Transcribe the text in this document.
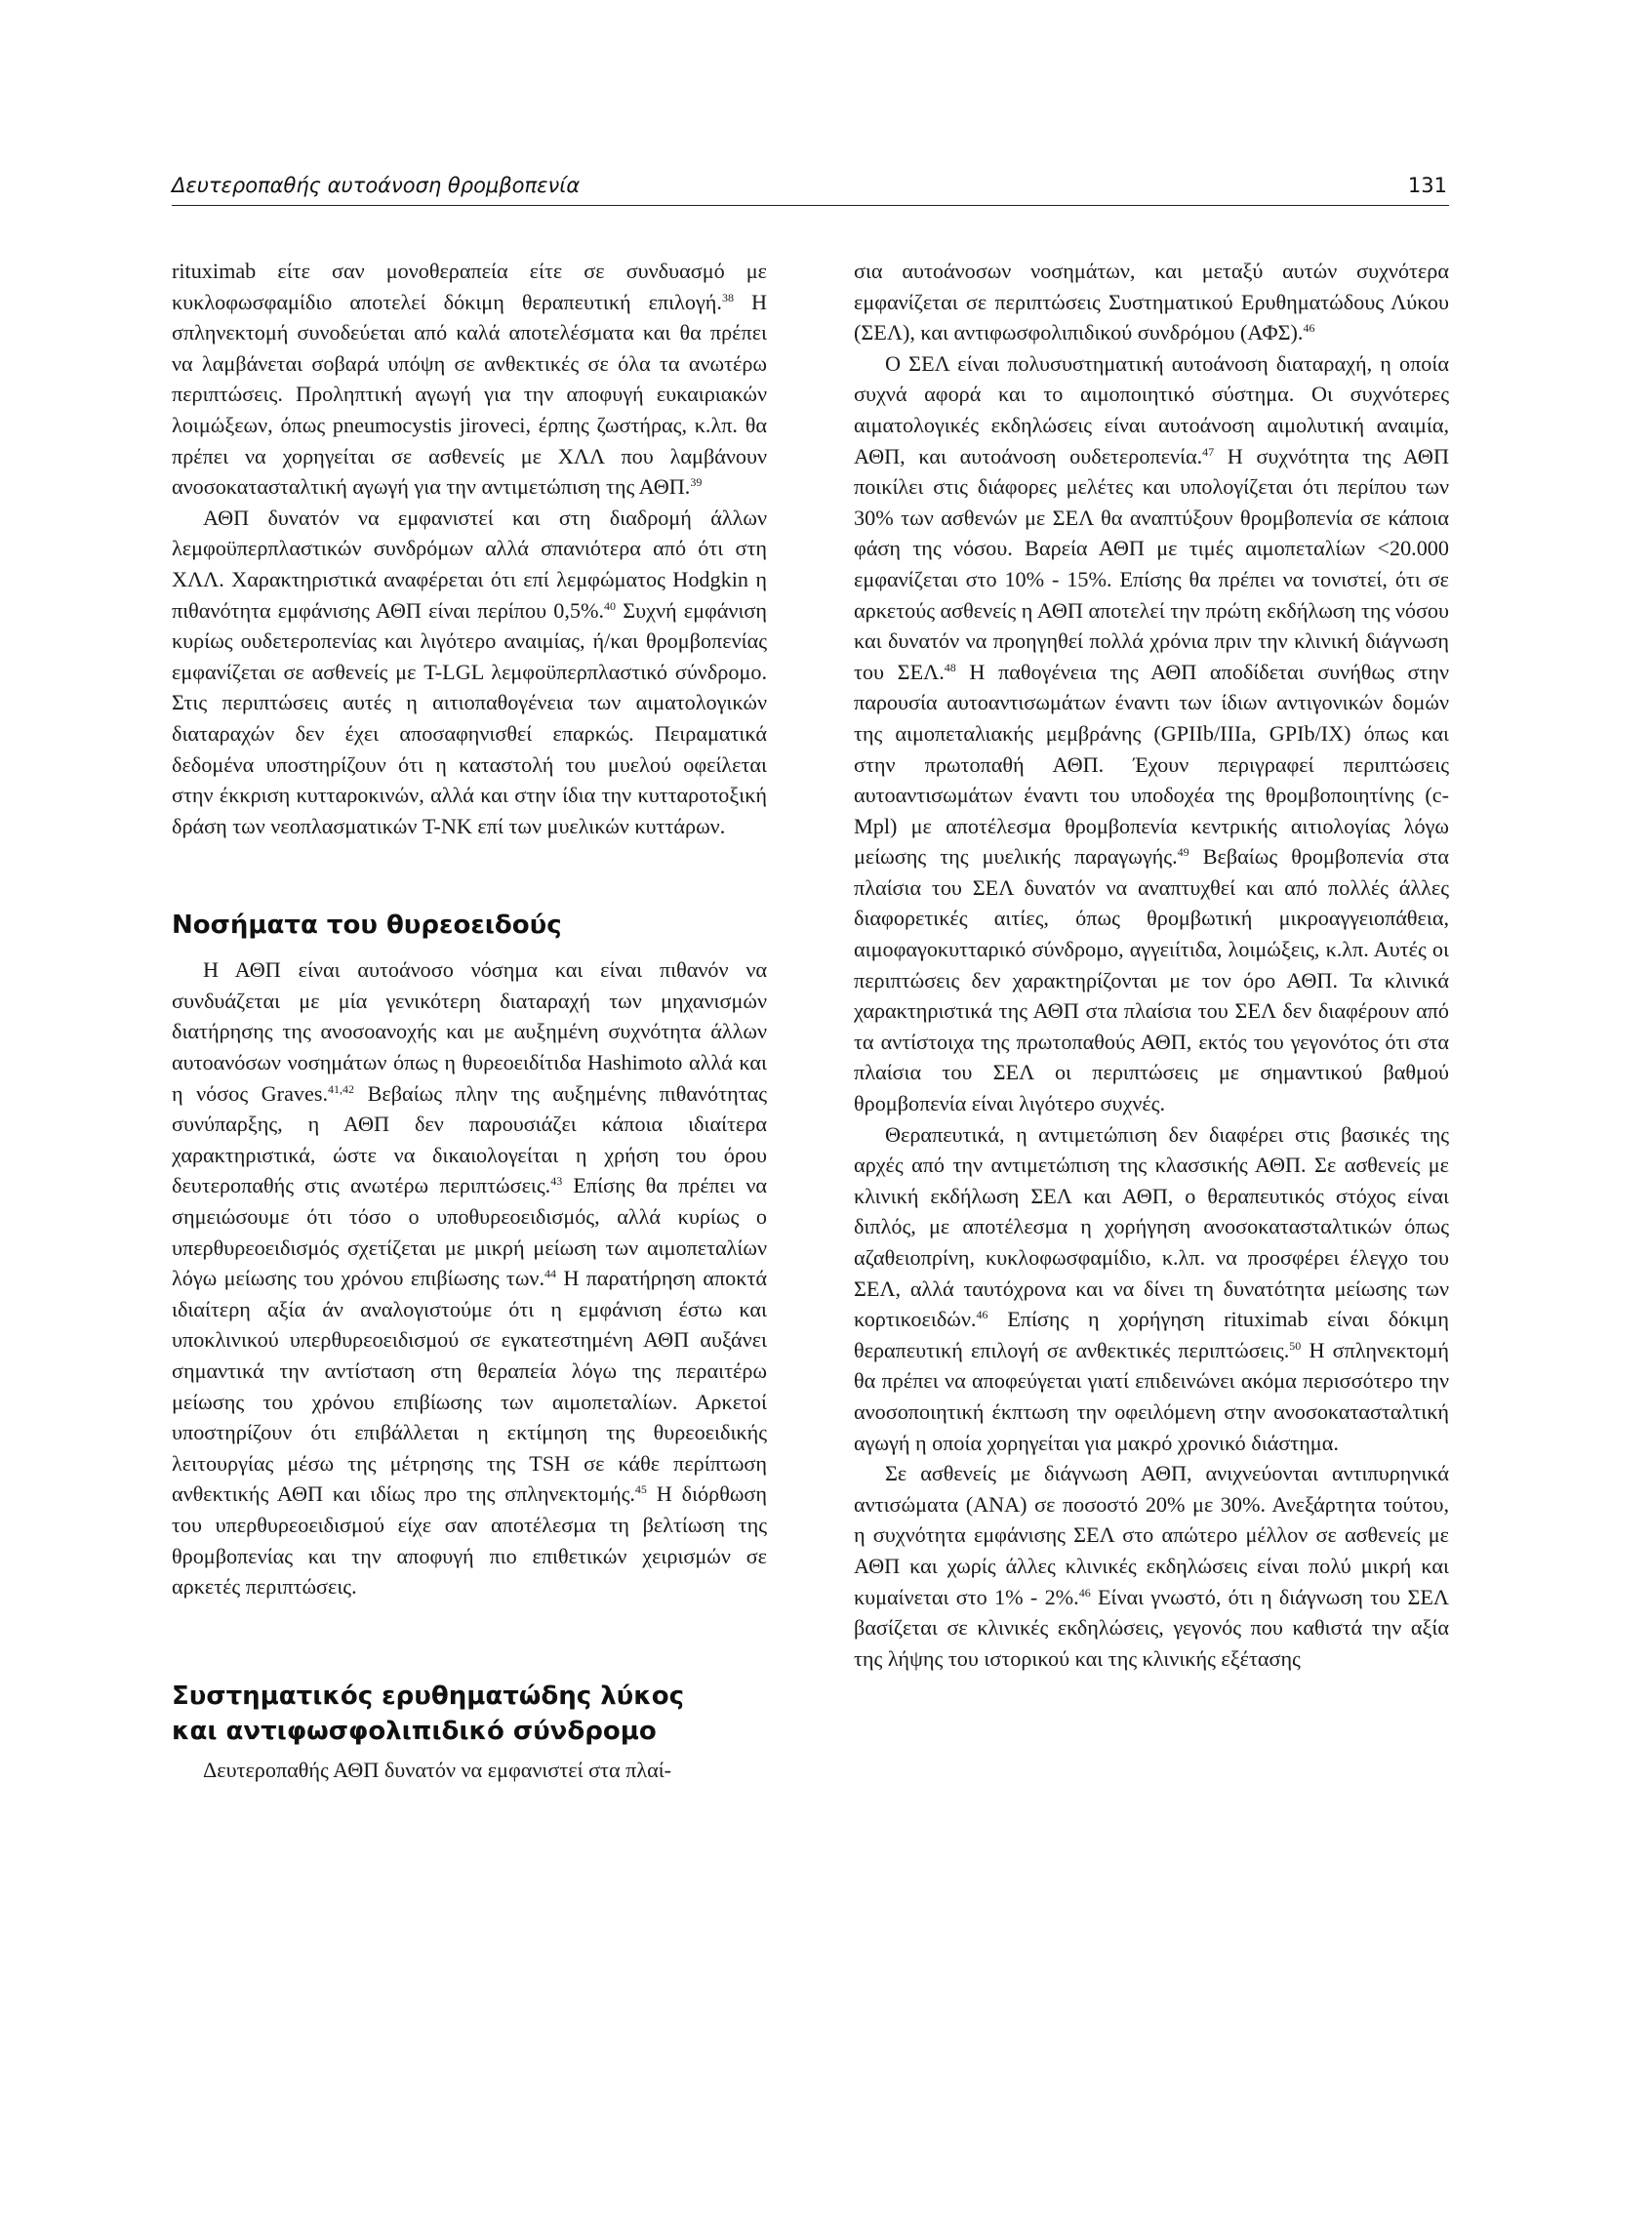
Δευτεροπαθής αυτοάνοση θρομβοπενία	131

rituximab είτε σαν μονοθεραπεία είτε σε συνδυασμό με κυκλοφωσφαμίδιο αποτελεί δόκιμη θεραπευτική επιλογή.$^{38}$ Η σπληνεκτομή συνοδεύεται από καλά αποτελέσματα και θα πρέπει να λαμβάνεται σοβαρά υπόψη σε ανθεκτικές σε όλα τα ανωτέρω περιπτώσεις. Προληπτική αγωγή για την αποφυγή ευκαιριακών λοιμώξεων, όπως pneumocystis jiroveci, έρπης ζωστήρας, κ.λπ. θα πρέπει να χορηγείται σε ασθενείς με ΧΛΛ που λαμβάνουν ανοσοκατασταλτική αγωγή για την αντιμετώπιση της ΑΘΠ.$^{39}$

ΑΘΠ δυνατόν να εμφανιστεί και στη διαδρομή άλλων λεμφοϋπερπλαστικών συνδρόμων αλλά σπανιότερα από ότι στη ΧΛΛ. Χαρακτηριστικά αναφέρεται ότι επί λεμφώματος Hodgkin η πιθανότητα εμφάνισης ΑΘΠ είναι περίπου 0,5%.$^{40}$ Συχνή εμφάνιση κυρίως ουδετεροπενίας και λιγότερο αναιμίας, ή/και θρομβοπενίας εμφανίζεται σε ασθενείς με T-LGL λεμφοϋπερπλαστικό σύνδρομο. Στις περιπτώσεις αυτές η αιτιοπαθογένεια των αιματολογικών διαταραχών δεν έχει αποσαφηνισθεί επαρκώς. Πειραματικά δεδομένα υποστηρίζουν ότι η καταστολή του μυελού οφείλεται στην έκκριση κυτταροκινών, αλλά και στην ίδια την κυτταροτοξική δράση των νεοπλασματικών T-NK επί των μυελικών κυττάρων.

Νοσήματα του θυρεοειδούς

Η ΑΘΠ είναι αυτοάνοσο νόσημα και είναι πιθανόν να συνδυάζεται με μία γενικότερη διαταραχή των μηχανισμών διατήρησης της ανοσοανοχής και με αυξημένη συχνότητα άλλων αυτοανόσων νοσημάτων όπως η θυρεοειδίτιδα Hashimoto αλλά και η νόσος Graves.$^{41,42}$ Βεβαίως πλην της αυξημένης πιθανότητας συνύπαρξης, η ΑΘΠ δεν παρουσιάζει κάποια ιδιαίτερα χαρακτηριστικά, ώστε να δικαιολογείται η χρήση του όρου δευτεροπαθής στις ανωτέρω περιπτώσεις.$^{43}$ Επίσης θα πρέπει να σημειώσουμε ότι τόσο ο υποθυρεοειδισμός, αλλά κυρίως ο υπερθυρεοειδισμός σχετίζεται με μικρή μείωση των αιμοπεταλίων λόγω μείωσης του χρόνου επιβίωσης των.$^{44}$ Η παρατήρηση αποκτά ιδιαίτερη αξία άν αναλογιστούμε ότι η εμφάνιση έστω και υποκλινικού υπερθυρεοειδισμού σε εγκατεστημένη ΑΘΠ αυξάνει σημαντικά την αντίσταση στη θεραπεία λόγω της περαιτέρω μείωσης του χρόνου επιβίωσης των αιμοπεταλίων. Αρκετοί υποστηρίζουν ότι επιβάλλεται η εκτίμηση της θυρεοειδικής λειτουργίας μέσω της μέτρησης της TSH σε κάθε περίπτωση ανθεκτικής ΑΘΠ και ιδίως προ της σπληνεκτομής.$^{45}$ Η διόρθωση του υπερθυρεοειδισμού είχε σαν αποτέλεσμα τη βελτίωση της θρομβοπενίας και την αποφυγή πιο επιθετικών χειρισμών σε αρκετές περιπτώσεις.

Συστηματικός ερυθηματώδης λύκος
και αντιφωσφολιπιδικό σύνδρομο

Δευτεροπαθής ΑΘΠ δυνατόν να εμφανιστεί στα πλαί-

σια αυτοάνοσων νοσημάτων, και μεταξύ αυτών συχνότερα εμφανίζεται σε περιπτώσεις Συστηματικού Ερυθηματώδους Λύκου (ΣΕΛ), και αντιφωσφολιπιδικού συνδρόμου (ΑΦΣ).$^{46}$

Ο ΣΕΛ είναι πολυσυστηματική αυτοάνοση διαταραχή, η οποία συχνά αφορά και το αιμοποιητικό σύστημα. Οι συχνότερες αιματολογικές εκδηλώσεις είναι αυτοάνοση αιμολυτική αναιμία, ΑΘΠ, και αυτοάνοση ουδετεροπενία.$^{47}$ Η συχνότητα της ΑΘΠ ποικίλει στις διάφορες μελέτες και υπολογίζεται ότι περίπου των 30% των ασθενών με ΣΕΛ θα αναπτύξουν θρομβοπενία σε κάποια φάση της νόσου. Βαρεία ΑΘΠ με τιμές αιμοπεταλίων <20.000 εμφανίζεται στο 10% - 15%. Επίσης θα πρέπει να τονιστεί, ότι σε αρκετούς ασθενείς η ΑΘΠ αποτελεί την πρώτη εκδήλωση της νόσου και δυνατόν να προηγηθεί πολλά χρόνια πριν την κλινική διάγνωση του ΣΕΛ.$^{48}$ Η παθογένεια της ΑΘΠ αποδίδεται συνήθως στην παρουσία αυτοαντισωμάτων έναντι των ίδιων αντιγονικών δομών της αιμοπεταλιακής μεμβράνης (GPIIb/IIIa, GPIb/IX) όπως και στην πρωτοπαθή ΑΘΠ. Έχουν περιγραφεί περιπτώσεις αυτοαντισωμάτων έναντι του υποδοχέα της θρομβοποιητίνης (c-Mpl) με αποτέλεσμα θρομβοπενία κεντρικής αιτιολογίας λόγω μείωσης της μυελικής παραγωγής.$^{49}$ Βεβαίως θρομβοπενία στα πλαίσια του ΣΕΛ δυνατόν να αναπτυχθεί και από πολλές άλλες διαφορετικές αιτίες, όπως θρομβωτική μικροαγγειοπάθεια, αιμοφαγοκυτταρικό σύνδρομο, αγγειίτιδα, λοιμώξεις, κ.λπ. Αυτές οι περιπτώσεις δεν χαρακτηρίζονται με τον όρο ΑΘΠ. Τα κλινικά χαρακτηριστικά της ΑΘΠ στα πλαίσια του ΣΕΛ δεν διαφέρουν από τα αντίστοιχα της πρωτοπαθούς ΑΘΠ, εκτός του γεγονότος ότι στα πλαίσια του ΣΕΛ οι περιπτώσεις με σημαντικού βαθμού θρομβοπενία είναι λιγότερο συχνές.

Θεραπευτικά, η αντιμετώπιση δεν διαφέρει στις βασικές της αρχές από την αντιμετώπιση της κλασσικής ΑΘΠ. Σε ασθενείς με κλινική εκδήλωση ΣΕΛ και ΑΘΠ, ο θεραπευτικός στόχος είναι διπλός, με αποτέλεσμα η χορήγηση ανοσοκατασταλτικών όπως αζαθειοπρίνη, κυκλοφωσφαμίδιο, κ.λπ. να προσφέρει έλεγχο του ΣΕΛ, αλλά ταυτόχρονα και να δίνει τη δυνατότητα μείωσης των κορτικοειδών.$^{46}$ Επίσης η χορήγηση rituximab είναι δόκιμη θεραπευτική επιλογή σε ανθεκτικές περιπτώσεις.$^{50}$ Η σπληνεκτομή θα πρέπει να αποφεύγεται γιατί επιδεινώνει ακόμα περισσότερο την ανοσοποιητική έκπτωση την οφειλόμενη στην ανοσοκατασταλτική αγωγή η οποία χορηγείται για μακρό χρονικό διάστημα.

Σε ασθενείς με διάγνωση ΑΘΠ, ανιχνεύονται αντιπυρηνικά αντισώματα (ΑΝΑ) σε ποσοστό 20% με 30%. Ανεξάρτητα τούτου, η συχνότητα εμφάνισης ΣΕΛ στο απώτερο μέλλον σε ασθενείς με ΑΘΠ και χωρίς άλλες κλινικές εκδηλώσεις είναι πολύ μικρή και κυμαίνεται στο 1% - 2%.$^{46}$ Είναι γνωστό, ότι η διάγνωση του ΣΕΛ βασίζεται σε κλινικές εκδηλώσεις, γεγονός που καθιστά την αξία της λήψης του ιστορικού και της κλινικής εξέτασης
